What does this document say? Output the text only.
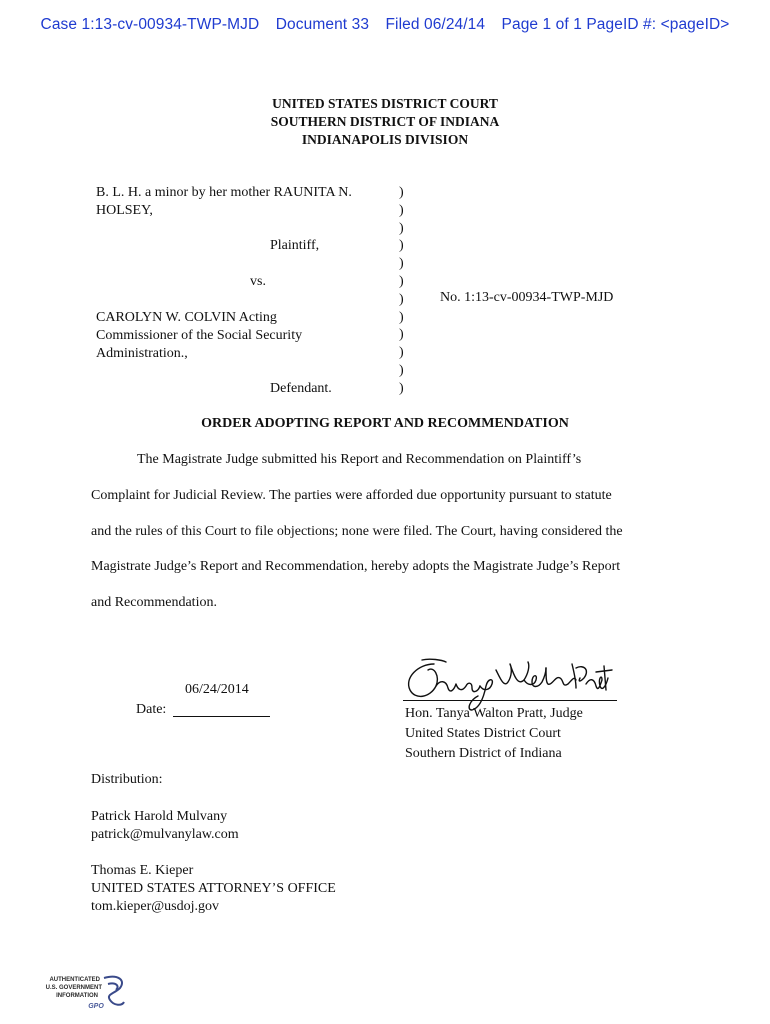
Case 1:13-cv-00934-TWP-MJD Document 33 Filed 06/24/14 Page 1 of 1 PageID #: <pageID>
UNITED STATES DISTRICT COURT
SOUTHERN DISTRICT OF INDIANA
INDIANAPOLIS DIVISION
B. L. H. a minor by her mother RAUNITA N.
HOLSEY,
Plaintiff,
vs.
CAROLYN W. COLVIN Acting
Commissioner of the Social Security
Administration.,
Defendant.
)
)
)
)
)
)
)
)
)
)
)
)
No. 1:13-cv-00934-TWP-MJD
ORDER ADOPTING REPORT AND RECOMMENDATION
The Magistrate Judge submitted his Report and Recommendation on Plaintiff’s
Complaint for Judicial Review. The parties were afforded due opportunity pursuant to statute
and the rules of this Court to file objections; none were filed. The Court, having considered the
Magistrate Judge’s Report and Recommendation, hereby adopts the Magistrate Judge’s Report
and Recommendation.
06/24/2014
Date:	Hon. Tanya Walton Pratt, Judge
United States District Court
Southern District of Indiana
Distribution:
Patrick Harold Mulvany
patrick@mulvanylaw.com
Thomas E. Kieper
UNITED STATES ATTORNEY’S OFFICE
tom.kieper@usdoj.gov
AUTHENTICATED
U.S. GOVERNMENT
INFORMATION
GPO
